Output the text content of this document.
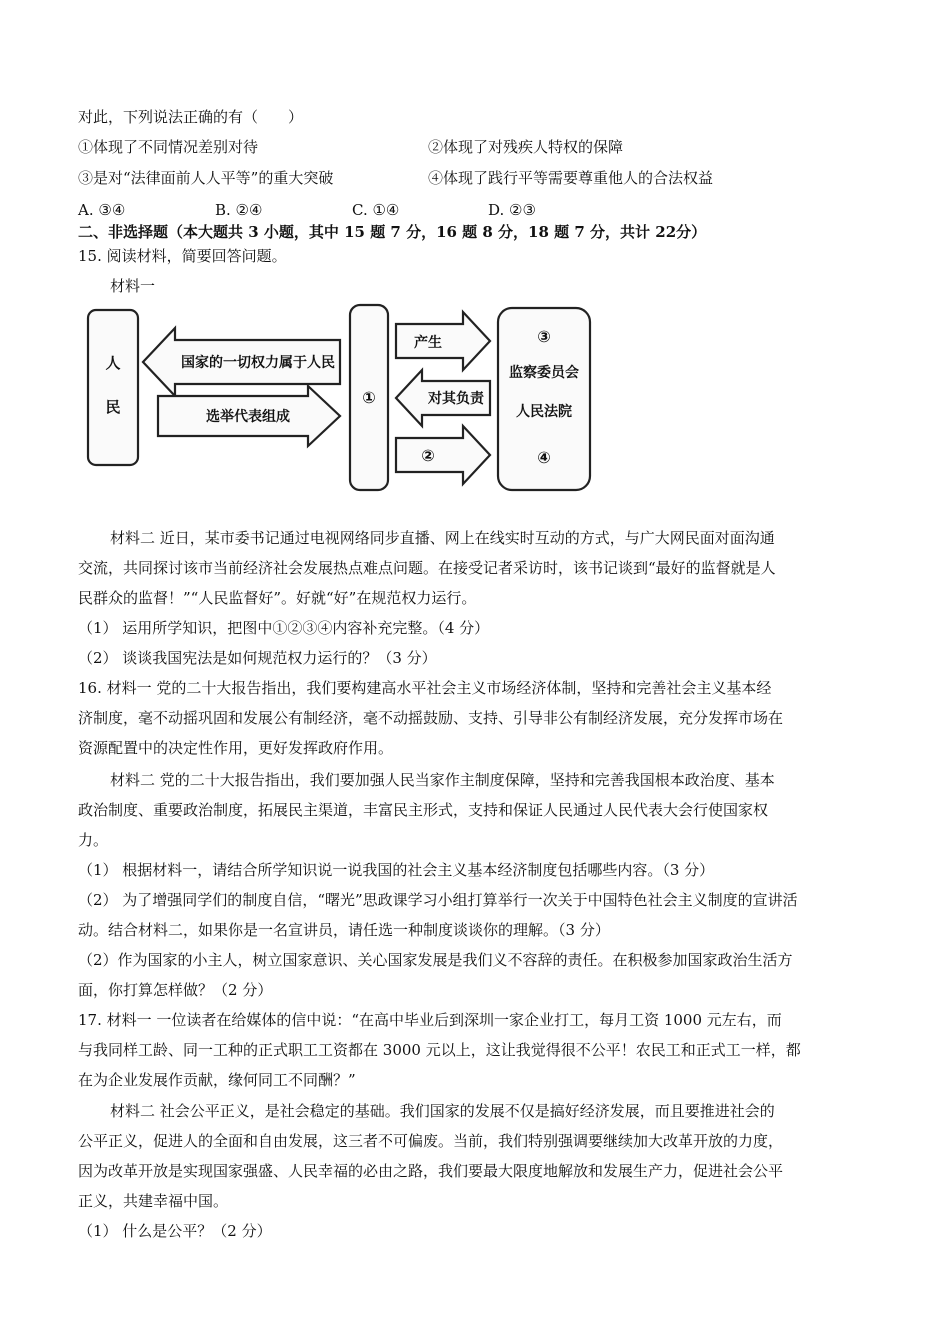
对此，下列说法正确的有（　　）
①体现了不同情况差别对待	②体现了对残疾人特权的保障
③是对“法律面前人人平等”的重大突破	④体现了践行平等需要尊重他人的合法权益
A. ③④	B. ②④	C. ①④	D. ②③
二、非选择题（本大题共 3 小题，其中 15 题 7 分，16 题 8 分，18 题 7 分，共计 22分）
15. 阅读材料，简要回答问题。
材料一
人
民
国家的一切权力属于人民
选举代表组成
①
产生
对其负责
②
③
监察委员会
人民法院
④
材料二 近日，某市委书记通过电视网络同步直播、网上在线实时互动的方式，与广大网民面对面沟通
交流，共同探讨该市当前经济社会发展热点难点问题。在接受记者采访时，该书记谈到“最好的监督就是人
民群众的监督！”“人民监督好”。好就“好”在规范权力运行。
（1） 运用所学知识，把图中①②③④内容补充完整。（4 分）
（2） 谈谈我国宪法是如何规范权力运行的？（3 分）
16. 材料一 党的二十大报告指出，我们要构建高水平社会主义市场经济体制，坚持和完善社会主义基本经
济制度，毫不动摇巩固和发展公有制经济，毫不动摇鼓励、支持、引导非公有制经济发展，充分发挥市场在
资源配置中的决定性作用，更好发挥政府作用。
材料二 党的二十大报告指出，我们要加强人民当家作主制度保障，坚持和完善我国根本政治度、基本
政治制度、重要政治制度，拓展民主渠道，丰富民主形式，支持和保证人民通过人民代表大会行使国家权
力。
（1） 根据材料一，请结合所学知识说一说我国的社会主义基本经济制度包括哪些内容。（3 分）
（2） 为了增强同学们的制度自信，“曙光”思政课学习小组打算举行一次关于中国特色社会主义制度的宣讲活
动。结合材料二，如果你是一名宣讲员，请任选一种制度谈谈你的理解。（3 分）
（2）作为国家的小主人，树立国家意识、关心国家发展是我们义不容辞的责任。在积极参加国家政治生活方
面，你打算怎样做？（2 分）
17. 材料一 一位读者在给媒体的信中说：“在高中毕业后到深圳一家企业打工，每月工资 1000 元左右，而
与我同样工龄、同一工种的正式职工工资都在 3000 元以上，这让我觉得很不公平！农民工和正式工一样，都
在为企业发展作贡献，缘何同工不同酬？”
材料二 社会公平正义，是社会稳定的基础。我们国家的发展不仅是搞好经济发展，而且要推进社会的
公平正义，促进人的全面和自由发展，这三者不可偏废。当前，我们特别强调要继续加大改革开放的力度，
因为改革开放是实现国家强盛、人民幸福的必由之路，我们要最大限度地解放和发展生产力，促进社会公平
正义，共建幸福中国。
（1） 什么是公平？（2 分）
